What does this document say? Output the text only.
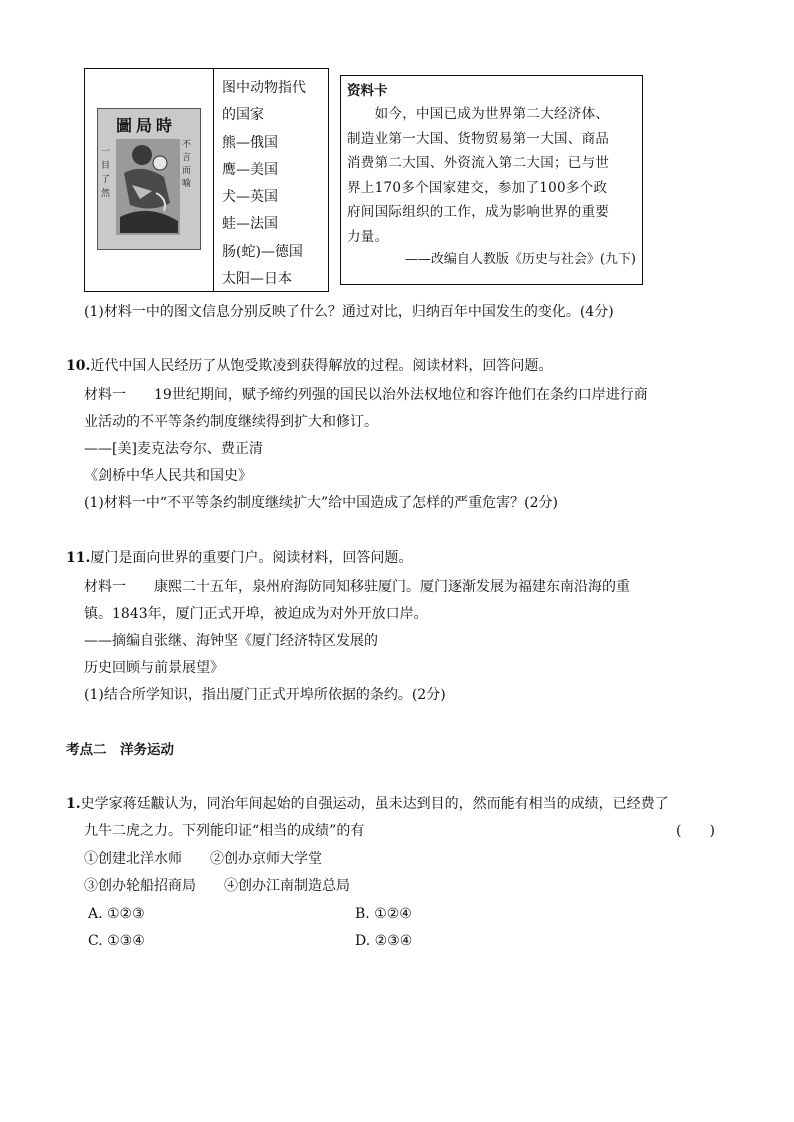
圖局時
一目了然
不言而喻
图中动物指代
的国家
熊—俄国
鹰—美国
犬—英国
蛙—法国
肠(蛇)—德国
太阳—日本
资料卡
　　如今，中国已成为世界第二大经济体、
制造业第一大国、货物贸易第一大国、商品
消费第二大国、外资流入第二大国；已与世
界上170多个国家建交，参加了100多个政
府间国际组织的工作，成为影响世界的重要
力量。
——改编自人教版《历史与社会》(九下)
(1)材料一中的图文信息分别反映了什么？通过对比，归纳百年中国发生的变化。(4分)
10.近代中国人民经历了从饱受欺凌到获得解放的过程。阅读材料，回答问题。
材料一　　19世纪期间，赋予缔约列强的国民以治外法权地位和容许他们在条约口岸进行商
业活动的不平等条约制度继续得到扩大和修订。
——[美]麦克法夸尔、费正清
《剑桥中华人民共和国史》
(1)材料一中“不平等条约制度继续扩大”给中国造成了怎样的严重危害？(2分)
11.厦门是面向世界的重要门户。阅读材料，回答问题。
材料一　　康熙二十五年，泉州府海防同知移驻厦门。厦门逐渐发展为福建东南沿海的重
镇。1843年，厦门正式开埠，被迫成为对外开放口岸。
——摘编自张继、海钟坚《厦门经济特区发展的
历史回顾与前景展望》
(1)结合所学知识，指出厦门正式开埠所依据的条约。(2分)
考点二　洋务运动
1.史学家蒋廷黻认为，同治年间起始的自强运动，虽未达到目的，然而能有相当的成绩，已经费了
九牛二虎之力。下列能印证“相当的成绩”的有	(　　)
①创建北洋水师　　②创办京师大学堂
③创办轮船招商局　　④创办江南制造总局
A. ①②③	B. ①②④
C. ①③④	D. ②③④
